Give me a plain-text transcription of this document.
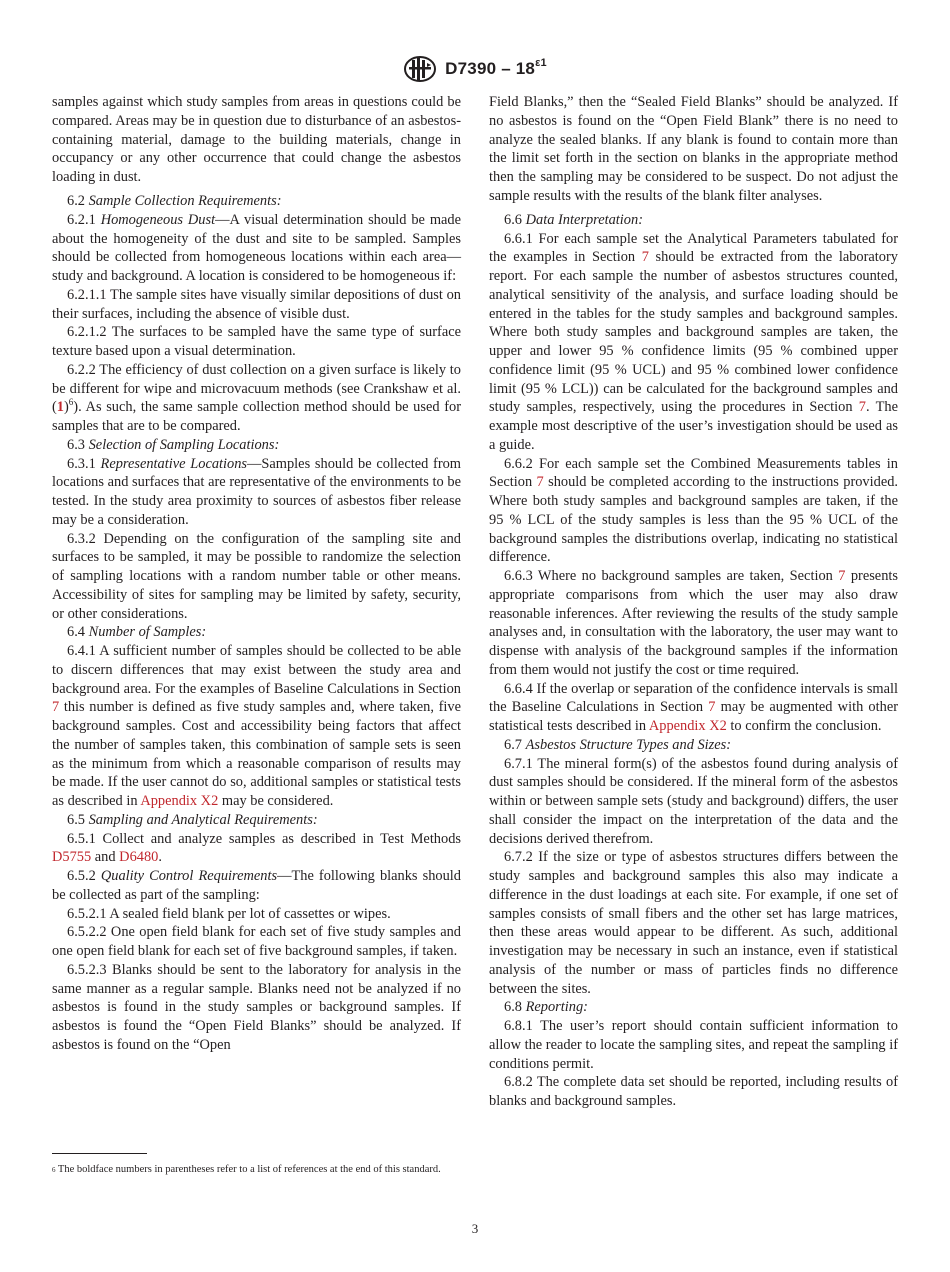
$D7390 - 18^{\varepsilon 1}$

samples against which study samples from areas in questions could be compared. Areas may be in question due to disturbance of an asbestos-containing material, damage to the building materials, change in occupancy or any other occurrence that could change the asbestos loading in dust.

6.2 Sample Collection Requirements:

6.2.1 Homogeneous Dust—A visual determination should be made about the homogeneity of the dust and site to be sampled. Samples should be collected from homogeneous locations within each area—study and background. A location is considered to be homogeneous if:

6.2.1.1 The sample sites have visually similar depositions of dust on their surfaces, including the absence of visible dust.

6.2.1.2 The surfaces to be sampled have the same type of surface texture based upon a visual determination.

6.2.2 The efficiency of dust collection on a given surface is likely to be different for wipe and microvacuum methods (see Crankshaw et al. $(1)^6$). As such, the same sample collection method should be used for samples that are to be compared.

6.3 Selection of Sampling Locations:

6.3.1 Representative Locations—Samples should be collected from locations and surfaces that are representative of the environments to be tested. In the study area proximity to sources of asbestos fiber release may be a consideration.

6.3.2 Depending on the configuration of the sampling site and surfaces to be sampled, it may be possible to randomize the selection of sampling locations with a random number table or other means. Accessibility of sites for sampling may be limited by safety, security, or other considerations.

6.4 Number of Samples:

6.4.1 A sufficient number of samples should be collected to be able to discern differences that may exist between the study area and background area. For the examples of Baseline Calculations in Section 7 this number is defined as five study samples and, where taken, five background samples. Cost and accessibility being factors that affect the number of samples taken, this combination of sample sets is seen as the minimum from which a reasonable comparison of results may be made. If the user cannot do so, additional samples or statistical tests as described in Appendix X2 may be considered.

6.5 Sampling and Analytical Requirements:

6.5.1 Collect and analyze samples as described in Test Methods D5755 and D6480.

6.5.2 Quality Control Requirements—The following blanks should be collected as part of the sampling:

6.5.2.1 A sealed field blank per lot of cassettes or wipes.

6.5.2.2 One open field blank for each set of five study samples and one open field blank for each set of five background samples, if taken.

6.5.2.3 Blanks should be sent to the laboratory for analysis in the same manner as a regular sample. Blanks need not be analyzed if no asbestos is found in the study samples or background samples. If asbestos is found the “Open Field Blanks” should be analyzed. If asbestos is found on the “Open

Field Blanks,” then the “Sealed Field Blanks” should be analyzed. If no asbestos is found on the “Open Field Blank” there is no need to analyze the sealed blanks. If any blank is found to contain more than the limit set forth in the section on blanks in the appropriate method then the sampling may be considered to be suspect. Do not adjust the sample results with the results of the blank filter analyses.

6.6 Data Interpretation:

6.6.1 For each sample set the Analytical Parameters tabulated for the examples in Section 7 should be extracted from the laboratory report. For each sample the number of asbestos structures counted, analytical sensitivity of the analysis, and surface loading should be entered in the tables for the study samples and background samples. Where both study samples and background samples are taken, the upper and lower 95 % confidence limits (95 % combined upper confidence limit (95 % UCL) and 95 % combined lower confidence limit (95 % LCL)) can be calculated for the background samples and study samples, respectively, using the procedures in Section 7. The example most descriptive of the user’s investigation should be used as a guide.

6.6.2 For each sample set the Combined Measurements tables in Section 7 should be completed according to the instructions provided. Where both study samples and background samples are taken, if the 95 % LCL of the study samples is less than the 95 % UCL of the background samples the distributions overlap, indicating no statistical difference.

6.6.3 Where no background samples are taken, Section 7 presents appropriate comparisons from which the user may also draw reasonable inferences. After reviewing the results of the study sample analyses and, in consultation with the laboratory, the user may want to dispense with analysis of the background samples if the information from them would not justify the cost or time required.

6.6.4 If the overlap or separation of the confidence intervals is small the Baseline Calculations in Section 7 may be augmented with other statistical tests described in Appendix X2 to confirm the conclusion.

6.7 Asbestos Structure Types and Sizes:

6.7.1 The mineral form(s) of the asbestos found during analysis of dust samples should be considered. If the mineral form of the asbestos within or between sample sets (study and background) differs, the user shall consider the impact on the interpretation of the data and the decisions derived therefrom.

6.7.2 If the size or type of asbestos structures differs between the study samples and background samples this also may indicate a difference in the dust loadings at each site. For example, if one set of samples consists of small fibers and the other set has large matrices, then these areas would appear to be different. As such, additional investigation may be necessary in such an instance, even if statistical analysis of the number or mass of particles finds no difference between the sites.

6.8 Reporting:

6.8.1 The user’s report should contain sufficient information to allow the reader to locate the sampling sites, and repeat the sampling if conditions permit.

6.8.2 The complete data set should be reported, including results of blanks and background samples.

$^6$ The boldface numbers in parentheses refer to a list of references at the end of this standard.
3
